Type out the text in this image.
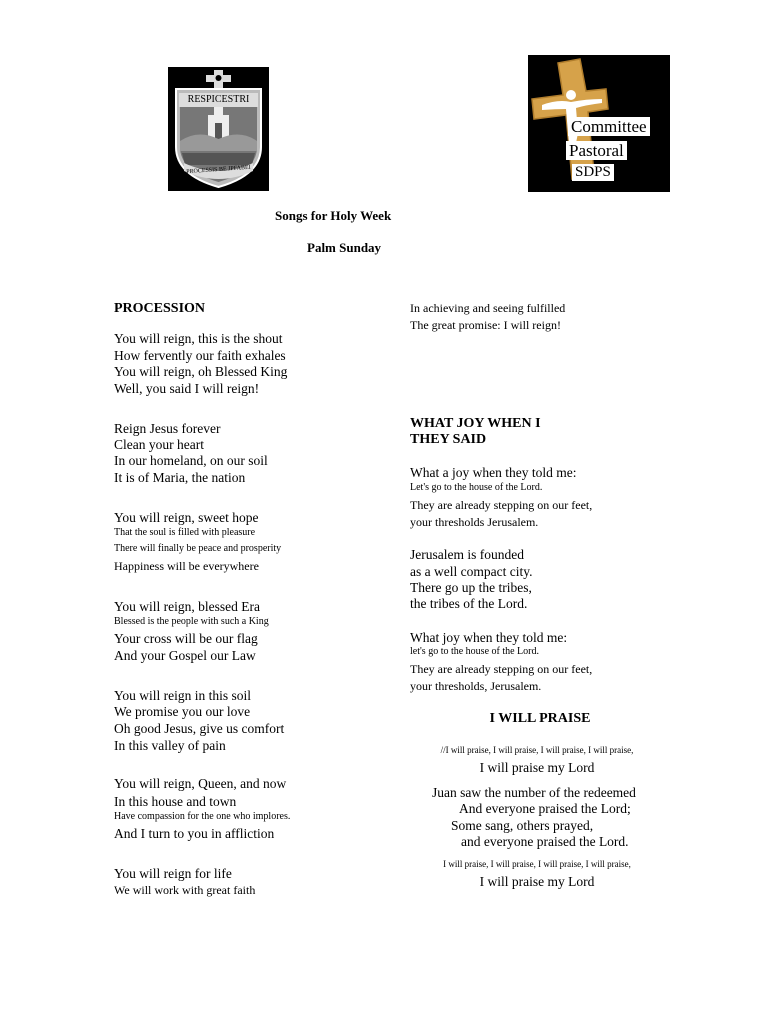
RESPICESTRI
PROCESSIS BE JPFABEI
Committee
Pastoral
SDPS
Songs for Holy Week
Palm Sunday
PROCESSION
You will reign, this is the shout
How fervently our faith exhales
You will reign, oh Blessed King
Well, you said I will reign!
Reign Jesus forever
Clean your heart
In our homeland, on our soil
It is of Maria, the nation
You will reign, sweet hope
That the soul is filled with pleasure
There will finally be peace and prosperity
Happiness will be everywhere
You will reign, blessed Era
Blessed is the people with such a King
Your cross will be our flag
And your Gospel our Law
You will reign in this soil
We promise you our love
Oh good Jesus, give us comfort
In this valley of pain
You will reign, Queen, and now
In this house and town
Have compassion for the one who implores.
And I turn to you in affliction
You will reign for life
We will work with great faith
In achieving and seeing fulfilled
The great promise: I will reign!
WHAT JOY WHEN I
THEY SAID
What a joy when they told me:
Let's go to the house of the Lord.
They are already stepping on our feet,
your thresholds Jerusalem.
Jerusalem is founded
as a well compact city.
There go up the tribes,
the tribes of the Lord.
What joy when they told me:
let's go to the house of the Lord.
They are already stepping on our feet,
your thresholds, Jerusalem.
I WILL PRAISE
//I will praise, I will praise, I will praise, I will praise,
I will praise my Lord
Juan saw the number of the redeemed
And everyone praised the Lord;
Some sang, others prayed,
and everyone praised the Lord.
I will praise, I will praise, I will praise, I will praise,
I will praise my Lord
